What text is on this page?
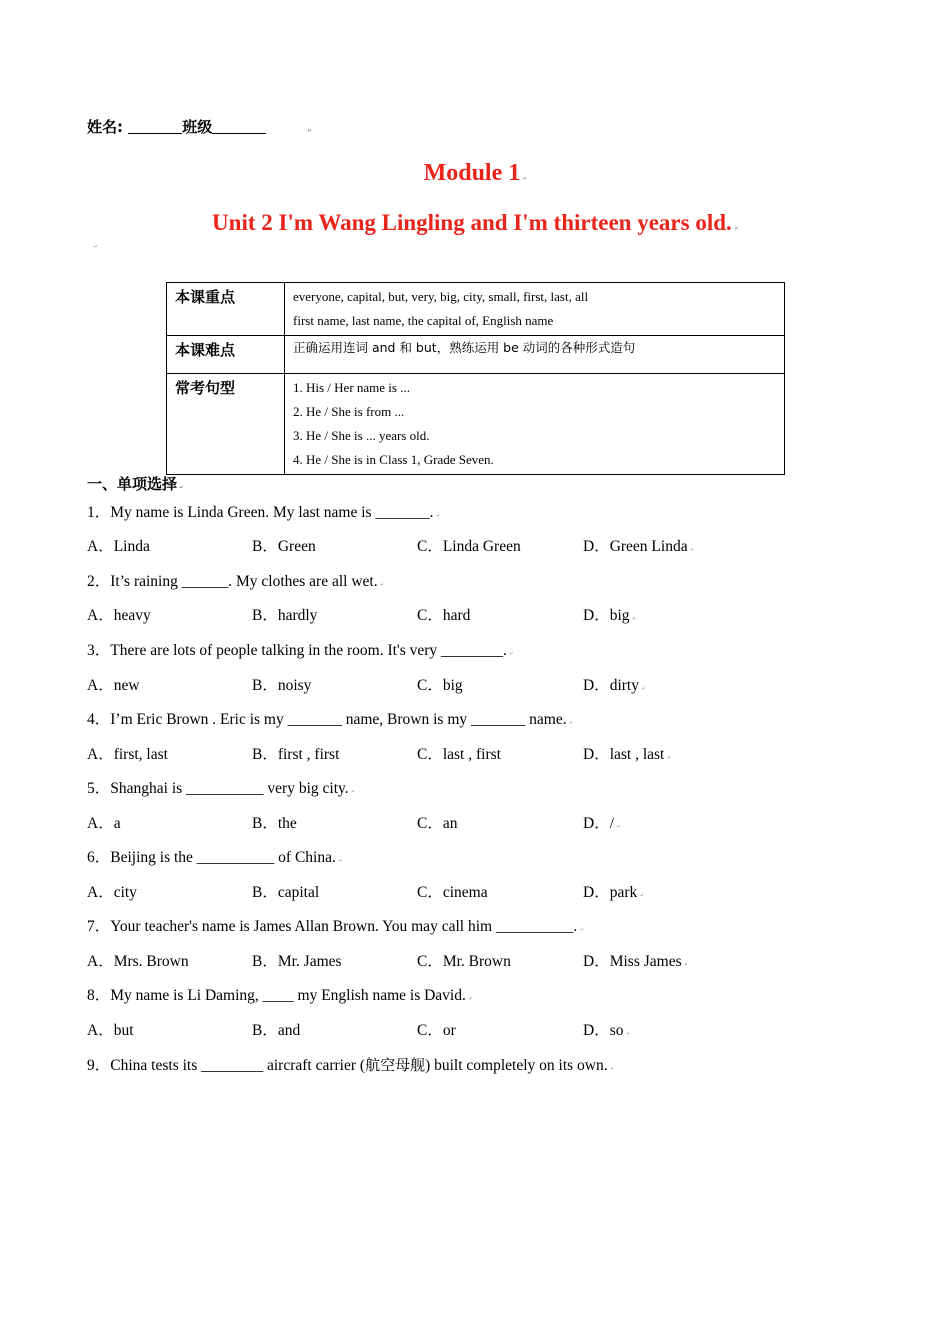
姓名:	班级	↵
Module 1 ↵
Unit 2 I'm Wang Lingling and I'm thirteen years old. ↵
↵
本课重点	everyone, capital, but, very, big, city, small, first, last, all
first name, last name, the capital of, English name

本课难点	正确运用连词 and 和 but，熟练运用 be 动词的各种形式造句

常考句型	1. His / Her name is ...
2. He / She is from ...
3. He / She is ... years old.
4. He / She is in Class 1, Grade Seven.
一、单项选择 ↵
1．My name is Linda Green. My last name is _______. ↵
A．Linda	B．Green	C．Linda Green	D．Green Linda ↵
2．It’s raining ______. My clothes are all wet. ↵
A．heavy	B．hardly	C．hard	D．big ↵
3．There are lots of people talking in the room. It's very ________. ↵
A．new	B．noisy	C．big	D．dirty ↵
4．I’m Eric Brown . Eric is my _______ name, Brown is my _______ name. ↵
A．first, last	B．first , first	C．last , first	D．last , last ↵
5．Shanghai is __________ very big city. ↵
A．a	B．the	C．an	D．/ ↵
6．Beijing is the __________ of China. ↵
A．city	B．capital	C．cinema	D．park ↵
7．Your teacher's name is James Allan Brown. You may call him __________. ↵
A．Mrs. Brown	B．Mr. James	C．Mr. Brown	D．Miss James ↵
8．My name is Li Daming, ____ my English name is David. ↵
A．but	B．and	C．or	D．so ↵
9．China tests its ________ aircraft carrier (航空母舰) built completely on its own. ↵
